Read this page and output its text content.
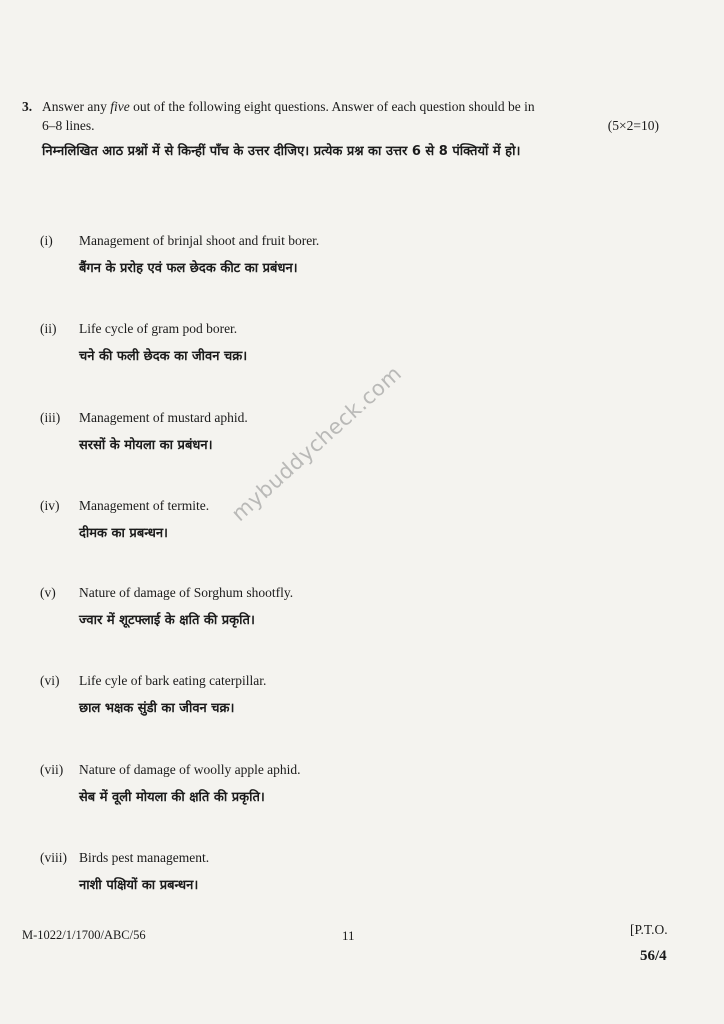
3. Answer any five out of the following eight questions. Answer of each question should be in
6–8 lines.	(5×2=10)
निम्नलिखित आठ प्रश्नों में से किन्हीं पाँच के उत्तर दीजिए। प्रत्येक प्रश्न का उत्तर 6 से 8 पंक्तियों में हो।
(i) Management of brinjal shoot and fruit borer.
बैंगन के प्ररोह एवं फल छेदक कीट का प्रबंधन।
(ii) Life cycle of gram pod borer.
चने की फली छेदक का जीवन चक्र।
(iii) Management of mustard aphid.
सरसों के मोयला का प्रबंधन।
(iv) Management of termite.
दीमक का प्रबन्धन।
(v) Nature of damage of Sorghum shootfly.
ज्वार में शूटफ्लाई के क्षति की प्रकृति।
(vi) Life cyle of bark eating caterpillar.
छाल भक्षक सुंडी का जीवन चक्र।
(vii) Nature of damage of woolly apple aphid.
सेब में वूली मोयला की क्षति की प्रकृति।
(viii) Birds pest management.
नाशी पक्षियों का प्रबन्धन।
mybuddycheck.com
M-1022/1/1700/ABC/56	11	[P.T.O.
56/4
